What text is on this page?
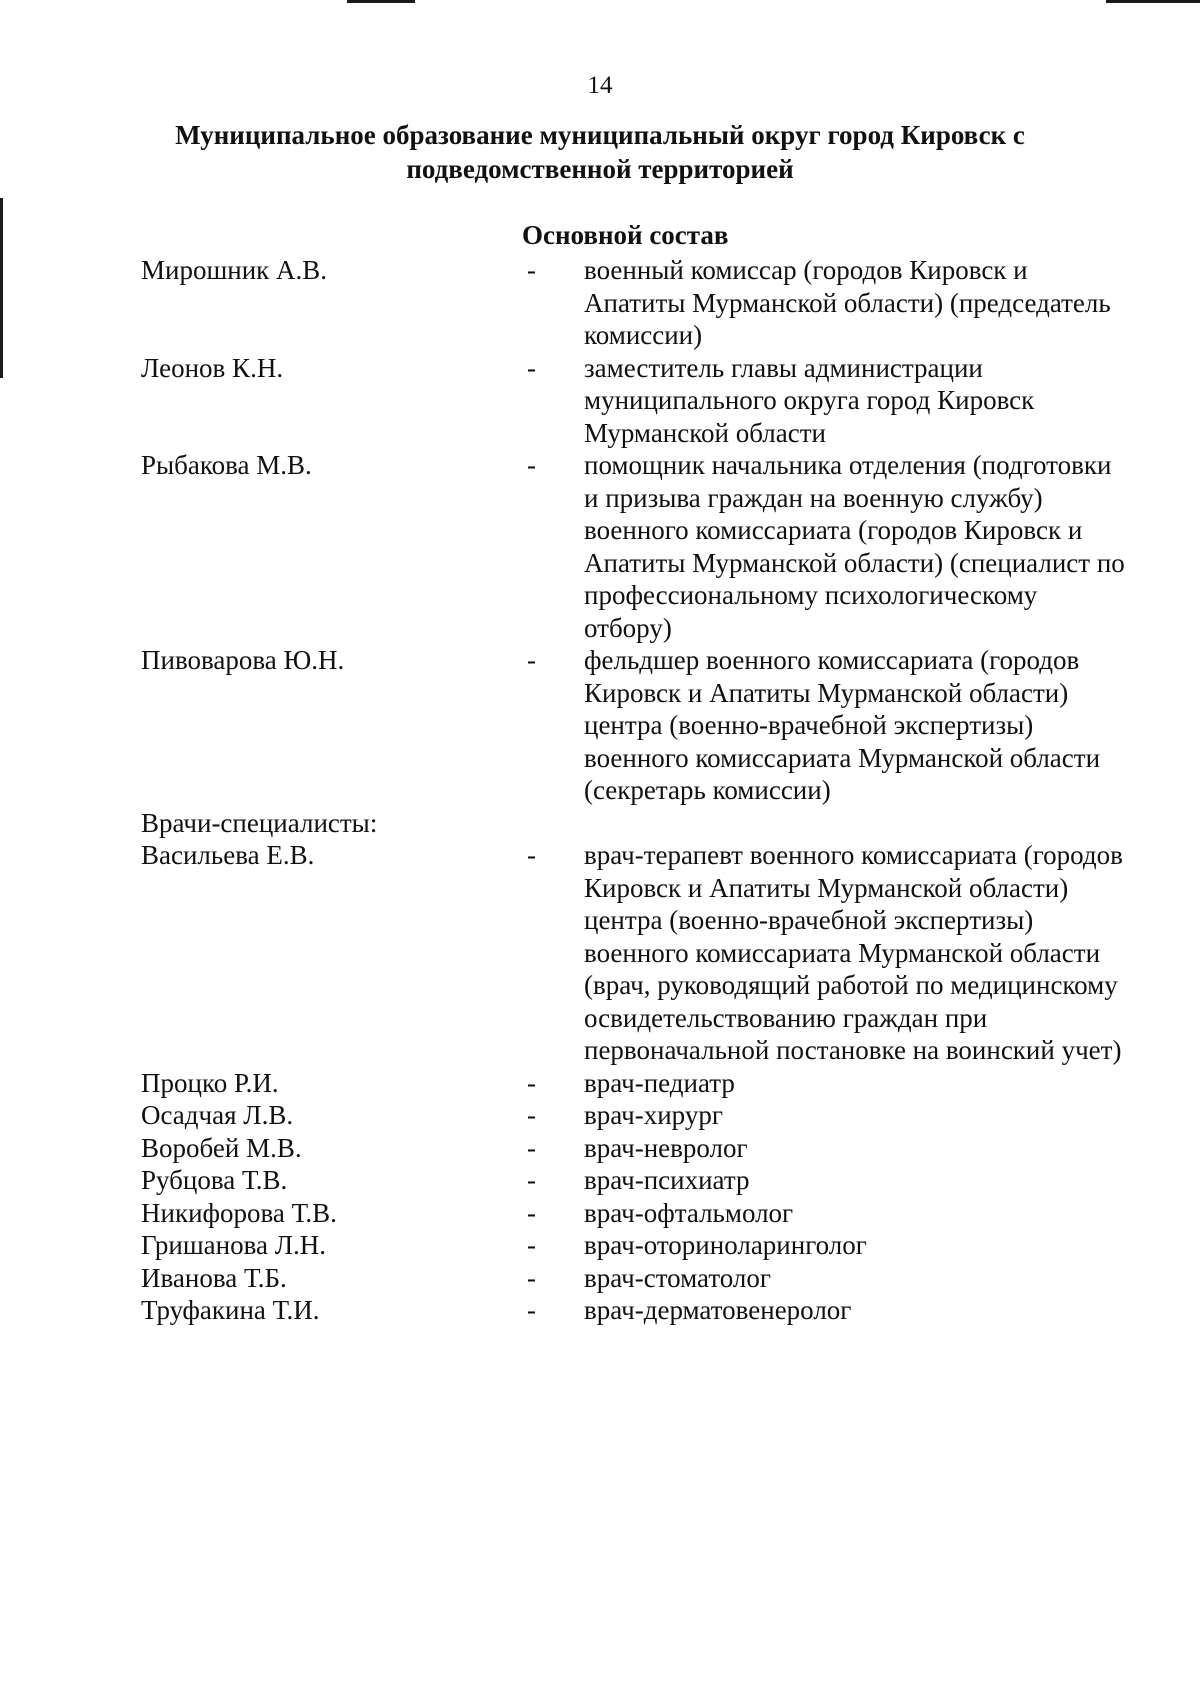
14
Муниципальное образование муниципальный округ город Кировск с
подведомственной территорией
Основной состав
Мирошник А.В.	-	военный комиссар (городов Кировск и Апатиты Мурманской области) (председатель комиссии)
Леонов К.Н.	-	заместитель главы администрации муниципального округа город Кировск Мурманской области
Рыбакова М.В.	-	помощник начальника отделения (подготовки и призыва граждан на военную службу) военного комиссариата (городов Кировск и Апатиты Мурманской области) (специалист по профессиональному психологическому отбору)
Пивоварова Ю.Н.	-	фельдшер военного комиссариата (городов Кировск и Апатиты Мурманской области) центра (военно-врачебной экспертизы) военного комиссариата Мурманской области (секретарь комиссии)
Врачи-специалисты:
Васильева Е.В.	-	врач-терапевт военного комиссариата (городов Кировск и Апатиты Мурманской области) центра (военно-врачебной экспертизы) военного комиссариата Мурманской области (врач, руководящий работой по медицинскому освидетельствованию граждан при первоначальной постановке на воинский учет)
Процко Р.И.	-	врач-педиатр
Осадчая Л.В.	-	врач-хирург
Воробей М.В.	-	врач-невролог
Рубцова Т.В.	-	врач-психиатр
Никифорова Т.В.	-	врач-офтальмолог
Гришанова Л.Н.	-	врач-оториноларинголог
Иванова Т.Б.	-	врач-стоматолог
Труфакина Т.И.	-	врач-дерматовенеролог
